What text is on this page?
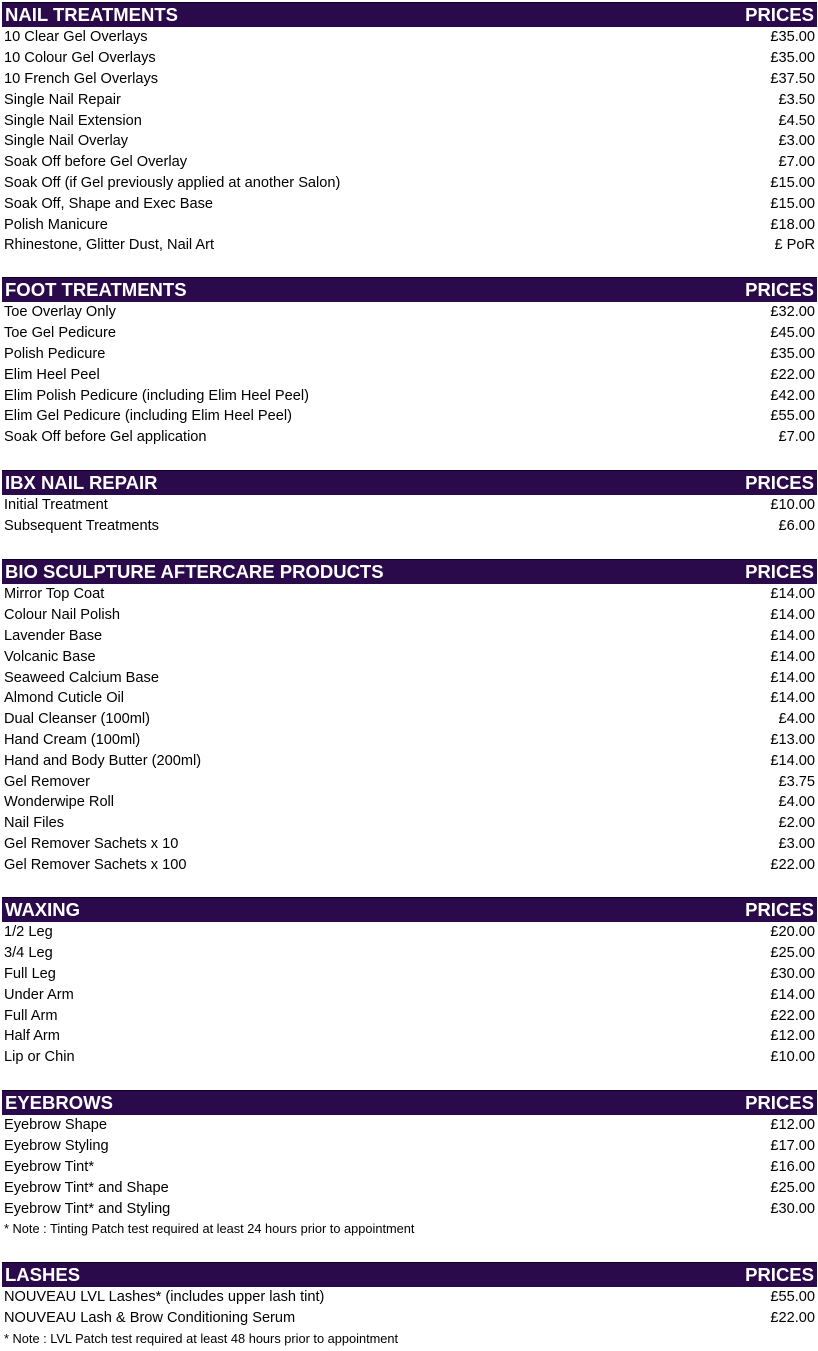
NAIL TREATMENTS	PRICES
10 Clear Gel Overlays	£35.00
10 Colour Gel Overlays	£35.00
10 French Gel Overlays	£37.50
Single Nail Repair	£3.50
Single Nail Extension	£4.50
Single Nail Overlay	£3.00
Soak Off before Gel Overlay	£7.00
Soak Off (if Gel previously applied at another Salon)	£15.00
Soak Off, Shape and Exec Base	£15.00
Polish Manicure	£18.00
Rhinestone, Glitter Dust, Nail Art	£ PoR
FOOT TREATMENTS	PRICES
Toe Overlay Only	£32.00
Toe Gel Pedicure	£45.00
Polish Pedicure	£35.00
Elim Heel Peel	£22.00
Elim Polish Pedicure (including Elim Heel Peel)	£42.00
Elim Gel Pedicure (including Elim Heel Peel)	£55.00
Soak Off before Gel application	£7.00
IBX NAIL REPAIR	PRICES
Initial Treatment	£10.00
Subsequent Treatments	£6.00
BIO SCULPTURE AFTERCARE PRODUCTS	PRICES
Mirror Top Coat	£14.00
Colour Nail Polish	£14.00
Lavender Base	£14.00
Volcanic Base	£14.00
Seaweed Calcium Base	£14.00
Almond Cuticle Oil	£14.00
Dual Cleanser (100ml)	£4.00
Hand Cream (100ml)	£13.00
Hand and Body Butter (200ml)	£14.00
Gel Remover	£3.75
Wonderwipe Roll	£4.00
Nail Files	£2.00
Gel Remover Sachets x 10	£3.00
Gel Remover Sachets x 100	£22.00
WAXING	PRICES
1/2 Leg	£20.00
3/4 Leg	£25.00
Full Leg	£30.00
Under Arm	£14.00
Full Arm	£22.00
Half Arm	£12.00
Lip or Chin	£10.00
EYEBROWS	PRICES
Eyebrow Shape	£12.00
Eyebrow Styling	£17.00
Eyebrow Tint*	£16.00
Eyebrow Tint* and Shape	£25.00
Eyebrow Tint* and Styling	£30.00
* Note : Tinting Patch test required at least 24 hours prior to appointment
LASHES	PRICES
NOUVEAU LVL Lashes* (includes upper lash tint)	£55.00
NOUVEAU Lash & Brow Conditioning Serum	£22.00
* Note : LVL Patch test required at least 48 hours prior to appointment
